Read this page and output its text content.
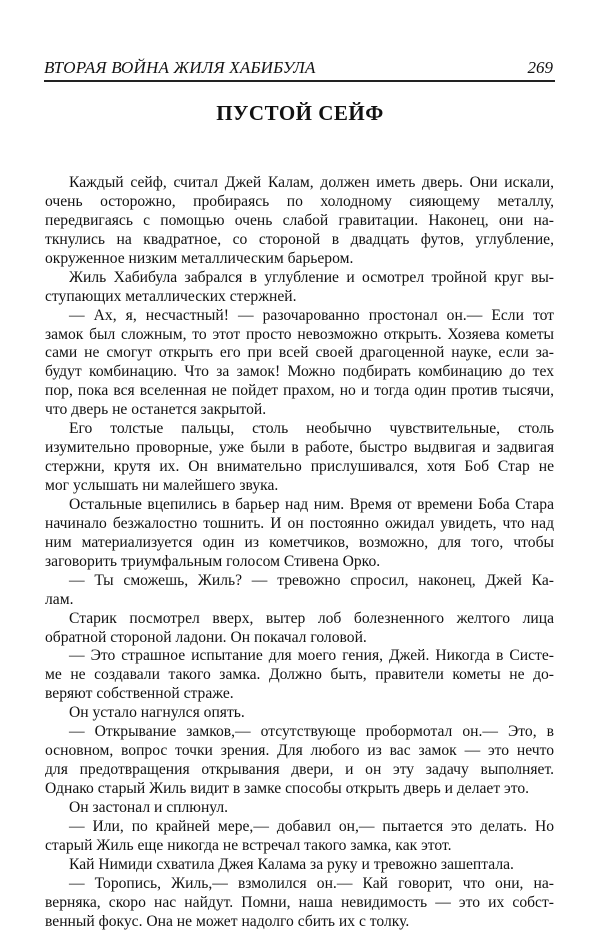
ВТОРАЯ ВОЙНА ЖИЛЯ ХАБИБУЛА	269
ПУСТОЙ СЕЙФ
Каждый сейф, считал Джей Калам, должен иметь дверь. Они искали,
очень осторожно, пробираясь по холодному сияющему металлу,
передвигаясь с помощью очень слабой гравитации. Наконец, они на-
ткнулись на квадратное, со стороной в двадцать футов, углубление,
окруженное низким металлическим барьером.
Жиль Хабибула забрался в углубление и осмотрел тройной круг вы-
ступающих металлических стержней.
— Ах, я, несчастный! — разочарованно простонал он.— Если тот
замок был сложным, то этот просто невозможно открыть. Хозяева кометы
сами не смогут открыть его при всей своей драгоценной науке, если за-
будут комбинацию. Что за замок! Можно подбирать комбинацию до тех
пор, пока вся вселенная не пойдет прахом, но и тогда один против тысячи,
что дверь не останется закрытой.
Его толстые пальцы, столь необычно чувствительные, столь
изумительно проворные, уже были в работе, быстро выдвигая и задвигая
стержни, крутя их. Он внимательно прислушивался, хотя Боб Стар не
мог услышать ни малейшего звука.
Остальные вцепились в барьер над ним. Время от времени Боба Стара
начинало безжалостно тошнить. И он постоянно ожидал увидеть, что над
ним материализуется один из кометчиков, возможно, для того, чтобы
заговорить триумфальным голосом Стивена Орко.
— Ты сможешь, Жиль? — тревожно спросил, наконец, Джей Ка-
лам.
Старик посмотрел вверх, вытер лоб болезненного желтого лица
обратной стороной ладони. Он покачал головой.
— Это страшное испытание для моего гения, Джей. Никогда в Систе-
ме не создавали такого замка. Должно быть, правители кометы не до-
веряют собственной страже.
Он устало нагнулся опять.
— Открывание замков,— отсутствующе пробормотал он.— Это, в
основном, вопрос точки зрения. Для любого из вас замок — это нечто
для предотвращения открывания двери, и он эту задачу выполняет.
Однако старый Жиль видит в замке способы открыть дверь и делает это.
Он застонал и сплюнул.
— Или, по крайней мере,— добавил он,— пытается это делать. Но
старый Жиль еще никогда не встречал такого замка, как этот.
Кай Нимиди схватила Джея Калама за руку и тревожно зашептала.
— Торопись, Жиль,— взмолился он.— Кай говорит, что они, на-
верняка, скоро нас найдут. Помни, наша невидимость — это их собст-
венный фокус. Она не может надолго сбить их с толку.
